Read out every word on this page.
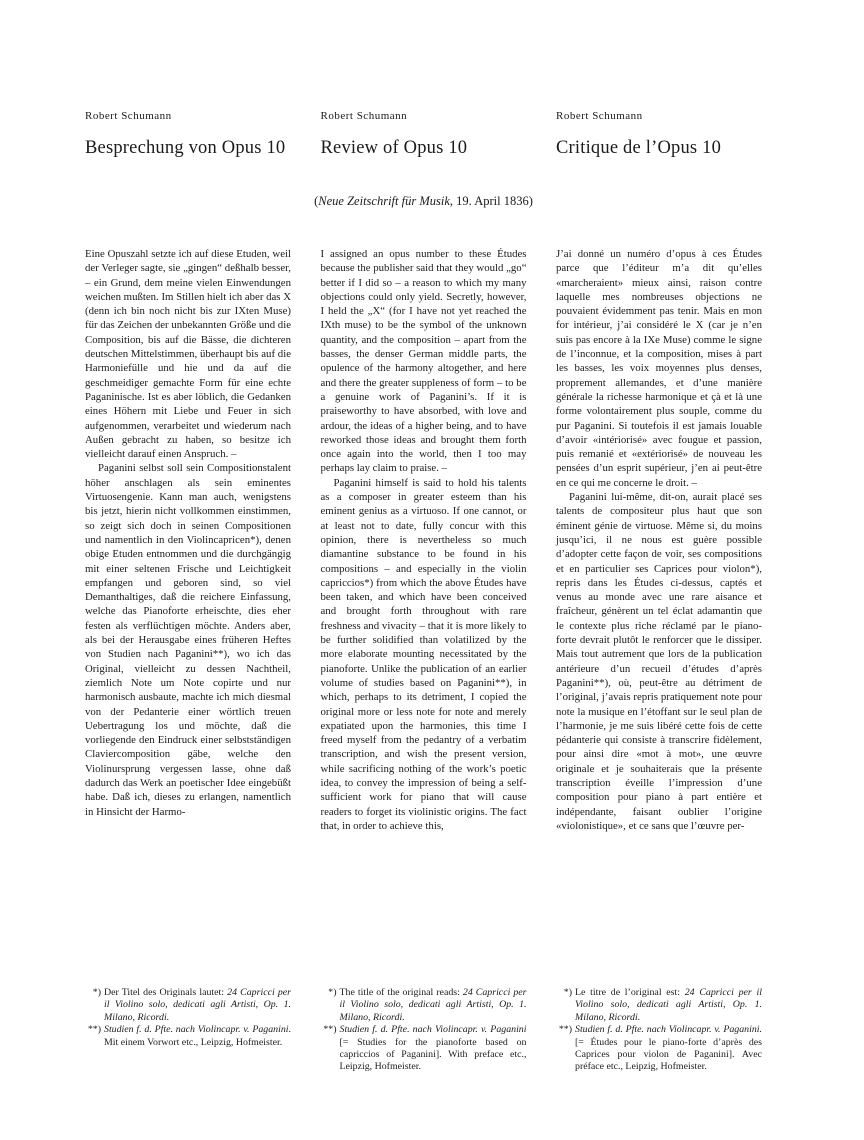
Robert Schumann
Besprechung von Opus 10
Robert Schumann
Review of Opus 10
Robert Schumann
Critique de l’Opus 10
(Neue Zeitschrift für Musik, 19. April 1836)

Eine Opuszahl setzte ich auf diese Etuden, weil der Verleger sagte, sie „gingen“ deßhalb besser, – ein Grund, dem meine vielen Einwendungen weichen mußten. Im Stillen hielt ich aber das X (denn ich bin noch nicht bis zur IXten Muse) für das Zeichen der unbekannten Größe und die Composition, bis auf die Bässe, die dichteren deutschen Mittelstimmen, überhaupt bis auf die Harmoniefülle und hie und da auf die geschmeidiger gemachte Form für eine echte Paganinische. Ist es aber löblich, die Gedanken eines Höhern mit Liebe und Feuer in sich aufgenommen, verarbeitet und wiederum nach Außen gebracht zu haben, so besitze ich vielleicht darauf einen Anspruch. –

Paganini selbst soll sein Compositionstalent höher anschlagen als sein eminentes Virtuosengenie. Kann man auch, wenigstens bis jetzt, hierin nicht vollkommen einstimmen, so zeigt sich doch in seinen Compositionen und namentlich in den Violincapricen*), denen obige Etuden entnommen und die durchgängig mit einer seltenen Frische und Leichtigkeit empfangen und geboren sind, so viel Demanthaltiges, daß die reichere Einfassung, welche das Pianoforte erheischte, dies eher festen als verflüchtigen möchte. Anders aber, als bei der Herausgabe eines früheren Heftes von Studien nach Paganini**), wo ich das Original, vielleicht zu dessen Nachtheil, ziemlich Note um Note copirte und nur harmonisch ausbaute, machte ich mich diesmal von der Pedanterie einer wörtlich treuen Uebertragung los und möchte, daß die vorliegende den Eindruck einer selbstständigen Claviercomposition gäbe, welche den Violinursprung vergessen lasse, ohne daß dadurch das Werk an poetischer Idee eingebüßt habe. Daß ich, dieses zu erlangen, namentlich in Hinsicht der Harmo-

I assigned an opus number to these Études because the publisher said that they would „go“ better if I did so – a reason to which my many objections could only yield. Secretly, however, I held the „X“ (for I have not yet reached the IXth muse) to be the symbol of the unknown quantity, and the composition – apart from the basses, the denser German middle parts, the opulence of the harmony altogether, and here and there the greater suppleness of form – to be a genuine work of Paganini’s. If it is praiseworthy to have absorbed, with love and ardour, the ideas of a higher being, and to have reworked those ideas and brought them forth once again into the world, then I too may perhaps lay claim to praise. –

Paganini himself is said to hold his talents as a composer in greater esteem than his eminent genius as a virtuoso. If one cannot, or at least not to date, fully concur with this opinion, there is nevertheless so much diamantine substance to be found in his compositions – and especially in the violin capriccios*) from which the above Études have been taken, and which have been conceived and brought forth throughout with rare freshness and vivacity – that it is more likely to be further solidified than volatilized by the more elaborate mounting necessitated by the pianoforte. Unlike the publication of an earlier volume of studies based on Paganini**), in which, perhaps to its detriment, I copied the original more or less note for note and merely expatiated upon the harmonies, this time I freed myself from the pedantry of a verbatim transcription, and wish the present version, while sacrificing nothing of the work’s poetic idea, to convey the impression of being a self-sufficient work for piano that will cause readers to forget its violinistic origins. The fact that, in order to achieve this,

J’ai donné un numéro d’opus à ces Études parce que l’éditeur m’a dit qu’elles «marcheraient» mieux ainsi, raison contre laquelle mes nombreuses objections ne pouvaient évidemment pas tenir. Mais en mon for intérieur, j’ai considéré le X (car je n’en suis pas encore à la IXe Muse) comme le signe de l’inconnue, et la composition, mises à part les basses, les voix moyennes plus denses, proprement allemandes, et d’une manière générale la richesse harmonique et çà et là une forme volontairement plus souple, comme du pur Paganini. Si toutefois il est jamais louable d’avoir «intériorisé» avec fougue et passion, puis remanié et «extériorisé» de nouveau les pensées d’un esprit supérieur, j’en ai peut-être en ce qui me concerne le droit. –

Paganini lui-même, dit-on, aurait placé ses talents de compositeur plus haut que son éminent génie de virtuose. Même si, du moins jusqu’ici, il ne nous est guère possible d’adopter cette façon de voir, ses compositions et en particulier ses Caprices pour violon*), repris dans les Études ci-dessus, captés et venus au monde avec une rare aisance et fraîcheur, génèrent un tel éclat adamantin que le contexte plus riche réclamé par le piano-forte devrait plutôt le renforcer que le dissiper. Mais tout autrement que lors de la publication antérieure d’un recueil d’études d’après Paganini**), où, peut-être au détriment de l’original, j’avais repris pratiquement note pour note la musique en l’étoffant sur le seul plan de l’harmonie, je me suis libéré cette fois de cette pédanterie qui consiste à transcrire fidèlement, pour ainsi dire «mot à mot», une œuvre originale et je souhaiterais que la présente transcription éveille l’impression d’une composition pour piano à part entière et indépendante, faisant oublier l’origine «violonistique», et ce sans que l’œuvre per-

*) Der Titel des Originals lautet: 24 Capricci per il Violino solo, dedicati agli Artisti, Op. 1. Milano, Ricordi.
**) Studien f. d. Pfte. nach Violincapr. v. Paganini. Mit einem Vorwort etc., Leipzig, Hofmeister.
*) The title of the original reads: 24 Capricci per il Violino solo, dedicati agli Artisti, Op. 1. Milano, Ricordi.
**) Studien f. d. Pfte. nach Violincapr. v. Paganini [= Studies for the pianoforte based on capriccios of Paganini]. With preface etc., Leipzig, Hofmeister.
*) Le titre de l’original est: 24 Capricci per il Violino solo, dedicati agli Artisti, Op. 1. Milano, Ricordi.
**) Studien f. d. Pfte. nach Violincapr. v. Paganini. [= Études pour le piano-forte d’après des Caprices pour violon de Paganini]. Avec préface etc., Leipzig, Hofmeister.
